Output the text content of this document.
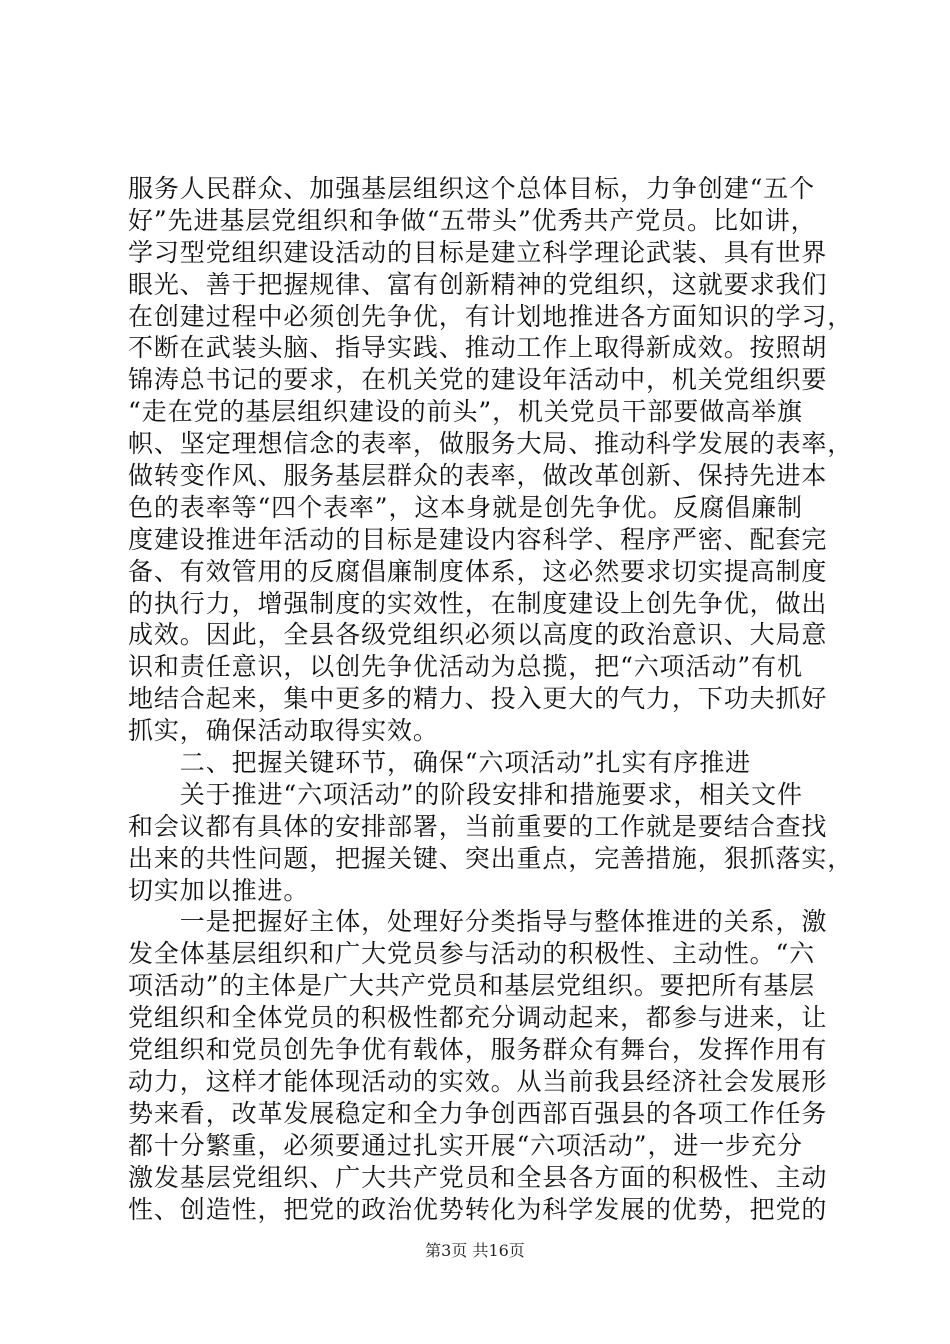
服务人民群众、加强基层组织这个总体目标，力争创建“五个
好”先进基层党组织和争做“五带头”优秀共产党员。比如讲，
学习型党组织建设活动的目标是建立科学理论武装、具有世界
眼光、善于把握规律、富有创新精神的党组织，这就要求我们
在创建过程中必须创先争优，有计划地推进各方面知识的学习，
不断在武装头脑、指导实践、推动工作上取得新成效。按照胡
锦涛总书记的要求，在机关党的建设年活动中，机关党组织要
“走在党的基层组织建设的前头”，机关党员干部要做高举旗
帜、坚定理想信念的表率，做服务大局、推动科学发展的表率，
做转变作风、服务基层群众的表率，做改革创新、保持先进本
色的表率等“四个表率”，这本身就是创先争优。反腐倡廉制
度建设推进年活动的目标是建设内容科学、程序严密、配套完
备、有效管用的反腐倡廉制度体系，这必然要求切实提高制度
的执行力，增强制度的实效性，在制度建设上创先争优，做出
成效。因此，全县各级党组织必须以高度的政治意识、大局意
识和责任意识，以创先争优活动为总揽，把“六项活动”有机
地结合起来，集中更多的精力、投入更大的气力，下功夫抓好
抓实，确保活动取得实效。
　　二、把握关键环节，确保“六项活动”扎实有序推进
　　关于推进“六项活动”的阶段安排和措施要求，相关文件
和会议都有具体的安排部署，当前重要的工作就是要结合查找
出来的共性问题，把握关键、突出重点，完善措施，狠抓落实，
切实加以推进。
　　一是把握好主体，处理好分类指导与整体推进的关系，激
发全体基层组织和广大党员参与活动的积极性、主动性。“六
项活动”的主体是广大共产党员和基层党组织。要把所有基层
党组织和全体党员的积极性都充分调动起来，都参与进来，让
党组织和党员创先争优有载体，服务群众有舞台，发挥作用有
动力，这样才能体现活动的实效。从当前我县经济社会发展形
势来看，改革发展稳定和全力争创西部百强县的各项工作任务
都十分繁重，必须要通过扎实开展“六项活动”，进一步充分
激发基层党组织、广大共产党员和全县各方面的积极性、主动
性、创造性，把党的政治优势转化为科学发展的优势，把党的
第3页 共16页
